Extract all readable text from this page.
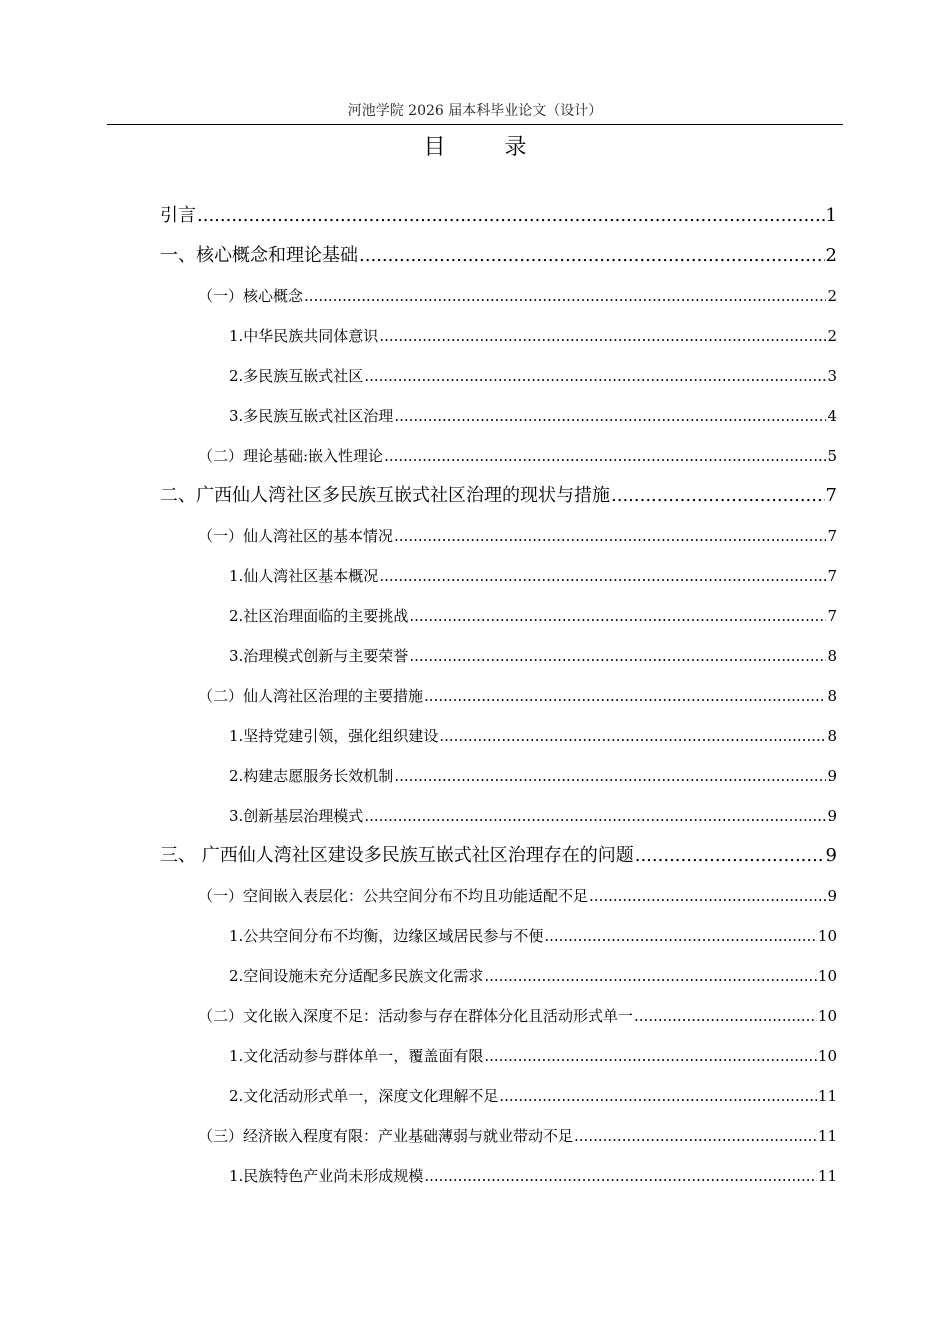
河池学院 2026 届本科毕业论文（设计）
目 录
引言 .....	1
一、核心概念和理论基础 .....	2
（一）核心概念 .....	2
1.中华民族共同体意识 .....	2
2.多民族互嵌式社区 .....	3
3.多民族互嵌式社区治理 .....	4
（二）理论基础:嵌入性理论 .....	5
二、广西仙人湾社区多民族互嵌式社区治理的现状与措施 .....	7
（一）仙人湾社区的基本情况 .....	7
1.仙人湾社区基本概况 .....	7
2.社区治理面临的主要挑战 .....	7
3.治理模式创新与主要荣誉 .....	8
（二）仙人湾社区治理的主要措施 .....	8
1.坚持党建引领，强化组织建设 .....	8
2.构建志愿服务长效机制 .....	9
3.创新基层治理模式 .....	9
三、 广西仙人湾社区建设多民族互嵌式社区治理存在的问题 .....	9
（一）空间嵌入表层化：公共空间分布不均且功能适配不足 .....	9
1.公共空间分布不均衡，边缘区域居民参与不便 .....	10
2.空间设施未充分适配多民族文化需求 .....	10
（二）文化嵌入深度不足：活动参与存在群体分化且活动形式单一 .....	10
1.文化活动参与群体单一，覆盖面有限 .....	10
2.文化活动形式单一，深度文化理解不足 .....	11
（三）经济嵌入程度有限：产业基础薄弱与就业带动不足 .....	11
1.民族特色产业尚未形成规模 .....	11
